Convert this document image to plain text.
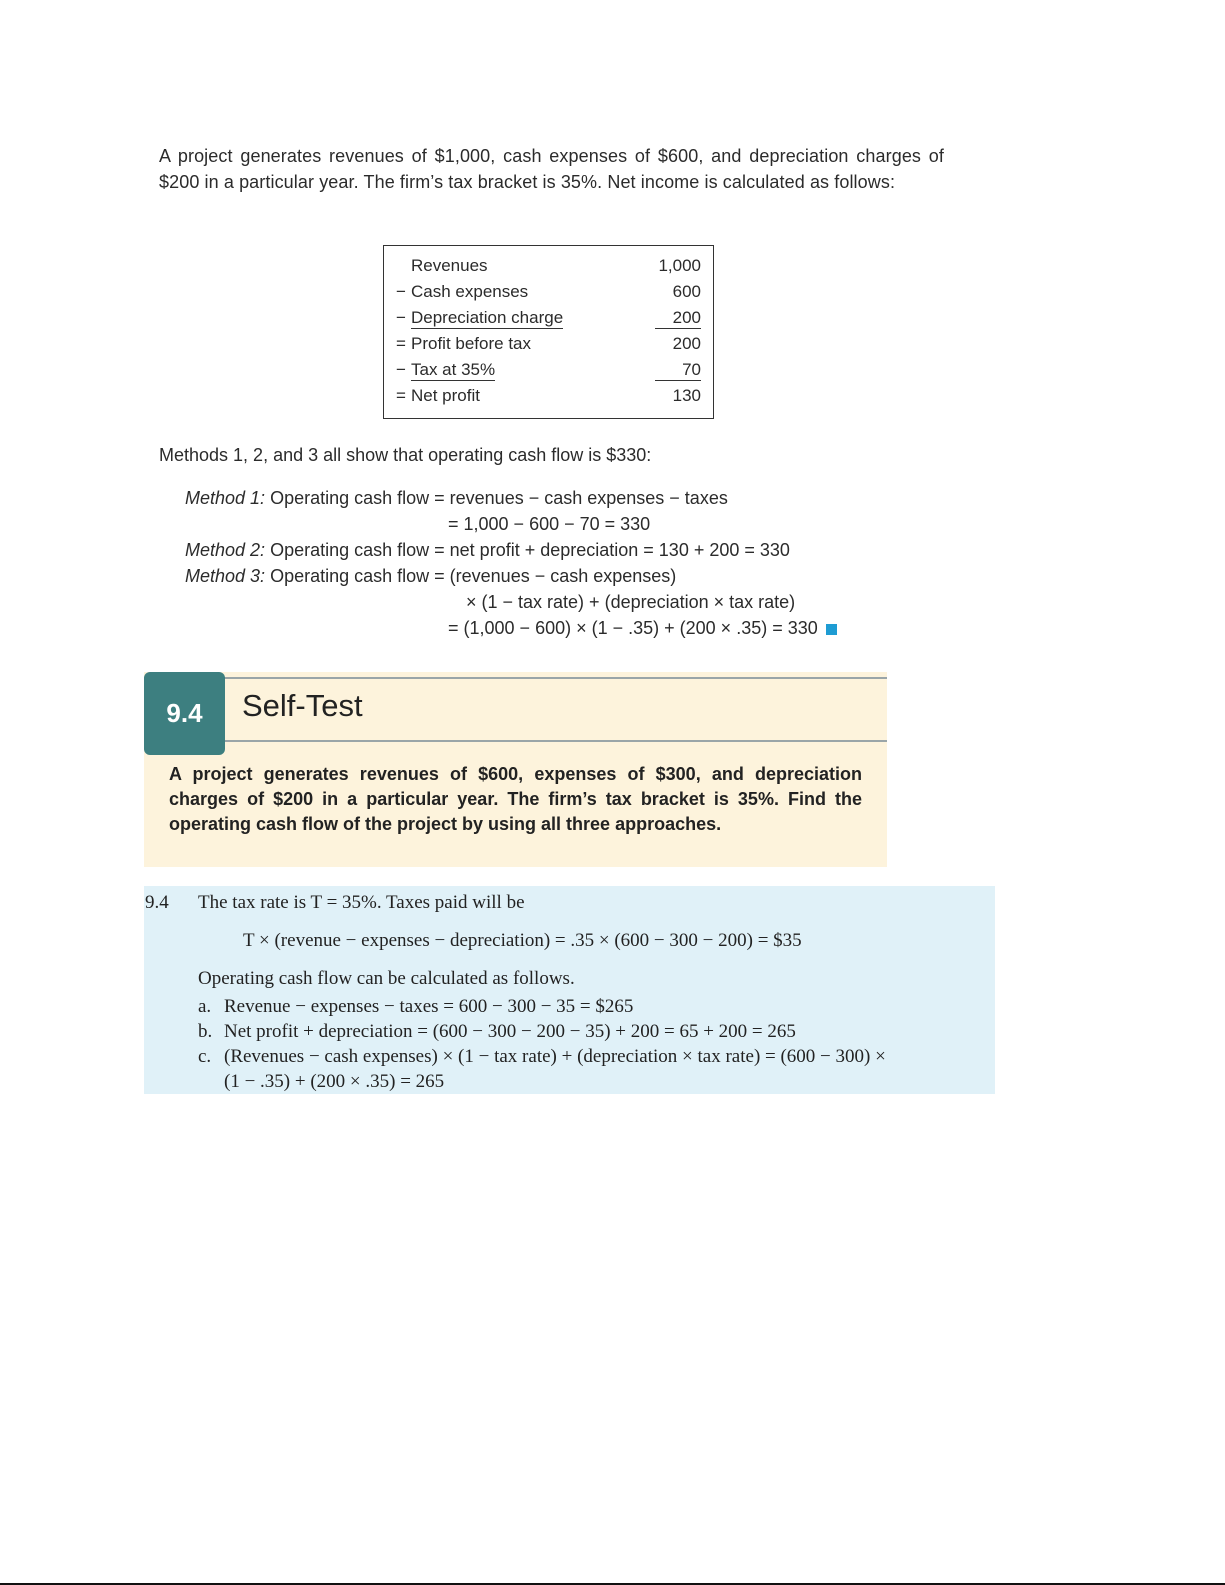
A project generates revenues of $1,000, cash expenses of $600, and depreciation charges of $200 in a particular year. The firm’s tax bracket is 35%. Net income is calculated as follows:
Revenues	1,000
− Cash expenses	600
− Depreciation charge	200
= Profit before tax	200
− Tax at 35%	70
= Net profit	130
Methods 1, 2, and 3 all show that operating cash flow is $330:
Method 1: Operating cash flow = revenues − cash expenses − taxes
= 1,000 − 600 − 70 = 330
Method 2: Operating cash flow = net profit + depreciation = 130 + 200 = 330
Method 3: Operating cash flow = (revenues − cash expenses)
× (1 − tax rate) + (depreciation × tax rate)
= (1,000 − 600) × (1 − .35) + (200 × .35) = 330
9.4	Self-Test
A project generates revenues of $600, expenses of $300, and depreciation charges of $200 in a particular year. The firm’s tax bracket is 35%. Find the operating cash flow of the project by using all three approaches.
9.4 The tax rate is T = 35%. Taxes paid will be
T × (revenue − expenses − depreciation) = .35 × (600 − 300 − 200) = $35
Operating cash flow can be calculated as follows.
a. Revenue − expenses − taxes = 600 − 300 − 35 = $265
b. Net profit + depreciation = (600 − 300 − 200 − 35) + 200 = 65 + 200 = 265
c. (Revenues − cash expenses) × (1 − tax rate) + (depreciation × tax rate) = (600 − 300) ×
(1 − .35) + (200 × .35) = 265
